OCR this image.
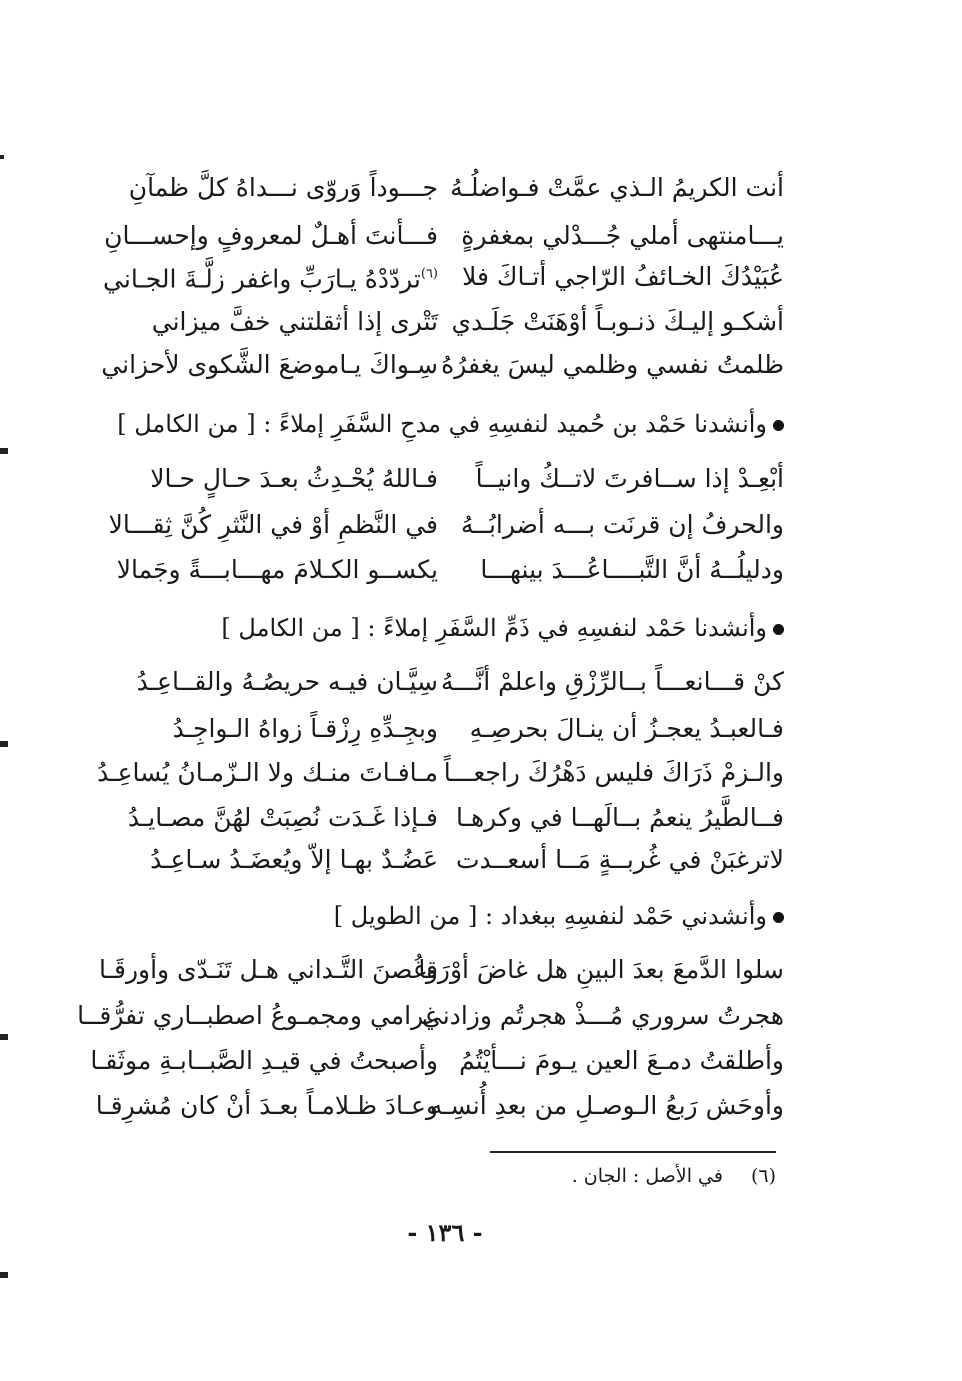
أنت الكريمُ الـذي عمَّتْ فـواضلُـهُ
جـــوداً وَروّى نـــداهُ كلَّ ظمآنِ
يـــامنتهى أملي جُـــدْلي بمغفرةٍ
فـــأنتَ أهـلٌ لمعروفٍ وإحســـانِ
عُبَيْدُكَ الخـائفُ الرّاجي أتـاكَ فلا
$^{(٦)}$تردّدْهُ يـارَبِّ واغفر زلَّـةَ الجـاني
أشكـو إليـكَ ذنـوبـاً أوْهَنَتْ جَلَـدي
تَتْرى إذا أثقلتني خفَّ ميزاني
ظلمتُ نفسي وظلمي ليسَ يغفرُهُ
سِـواكَ يـاموضعَ الشَّكوى لأحزاني
وأنشدنا حَمْد بن حُميد لنفسِهِ في مدحِ السَّفَرِ إملاءً : [ من الكامل ]
أبْعِـدْ إذا ســافرتَ لاتــكُ وانيــاً
فـاللهُ يُحْـدِثُ بعـدَ حـالٍ حـالا
والحرفُ إن قرنَت بـــه أضرابُــهُ
في النَّظمِ أوْ في النَّثرِ كُنَّ ثِقـــالا
ودليلُــهُ أنَّ التَّبــــاعُـــدَ بينهـــا
يكســو الكـلامَ مهـــابـــةً وجَمالا
وأنشدنا حَمْد لنفسِهِ في ذَمِّ السَّفَرِ إملاءً : [ من الكامل ]
كنْ قـــانعـــاً بــالرِّزْقِ واعلمْ أنَّـــهُ
سِيَّـان فيـه حريصُـهُ والقــاعِـدُ
فـالعبـدُ يعجـزُ أن ينـالَ بحرصِـهِ
وبجِـدِّهِ رِزْقـاً زواهُ الـواجِـدُ
والـزمْ ذَرَاكَ فليس دَهْرُكَ راجعـــاً
مـافـاتَ منـك ولا الـزّمـانُ يُساعِـدُ
فــالطَّيرُ ينعمُ بــالَهــا في وكرهـا
فـإذا غَـدَت نُصِبَتْ لهُنَّ مصـايـدُ
لاترغبَنْ في غُربــةٍ مَــا أسعــدت
عَضُـدٌ بهـا إلاّ ويُعضَـدُ سـاعِـدُ
وأنشدني حَمْد لنفسِهِ ببغداد : [ من الطويل ]
سلوا الدَّمعَ بعدَ البينِ هل غاضَ أوْرَقا
وغُصنَ التَّـداني هـل تَنَـدّى وأورقَـا
هجرتُ سروري مُـــذْ هجرتُم وزادني
غرامي ومجمـوعُ اصطبــاري تفرُّقــا
وأطلقتُ دمـعَ العين يـومَ نـــأيْتُمُ
وأصبحتُ في قيـدِ الصَّبــابـةِ موثَقـا
وأوحَش رَبعُ الـوصـلِ من بعدِ أُنسِـه
وعـادَ ظـلامـاً بعـدَ أنْ كان مُشرِقـا
(٦)في الأصل : الجان .
- ١٣٦ -
